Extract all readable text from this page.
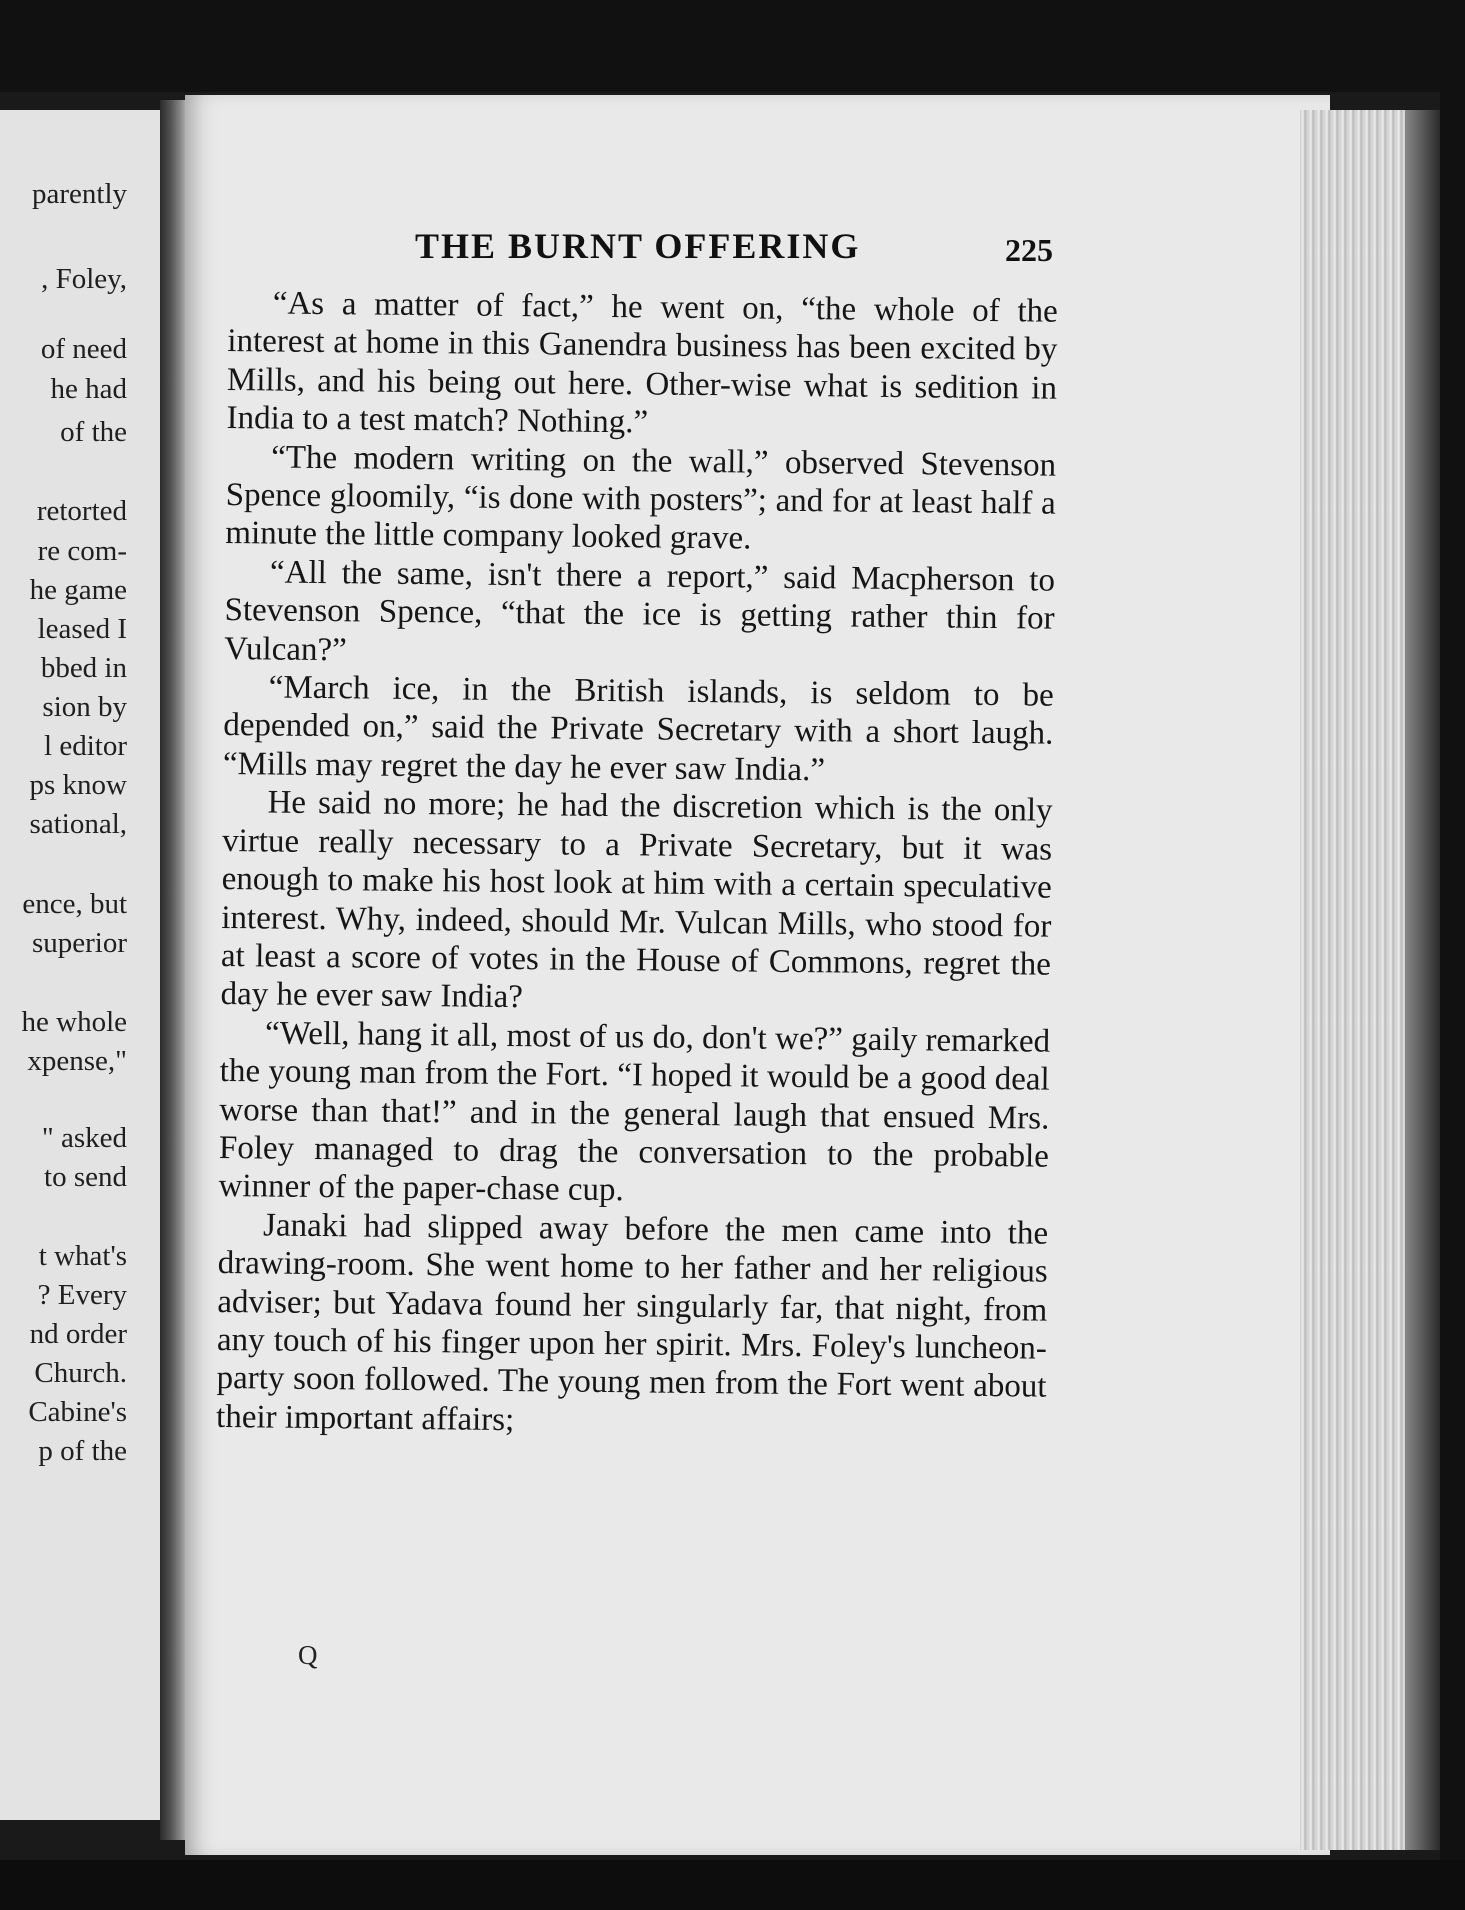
parently
, Foley,
of need
he had
of the
retorted
re com-
he game
leased I
bbed in
sion by
l editor
ps know
sational,
ence, but
superior
he whole
xpense,"
" asked
to send
t what's
? Every
nd order
Church.
Cabine's
p of the
THE BURNT OFFERING	225

“As a matter of fact,” he went on, “the whole of the interest at home in this Ganendra business has been excited by Mills, and his being out here. Other-wise what is sedition in India to a test match? Nothing.”

“The modern writing on the wall,” observed Stevenson Spence gloomily, “is done with posters”; and for at least half a minute the little company looked grave.

“All the same, isn't there a report,” said Macpherson to Stevenson Spence, “that the ice is getting rather thin for Vulcan?”

“March ice, in the British islands, is seldom to be depended on,” said the Private Secretary with a short laugh. “Mills may regret the day he ever saw India.”

He said no more; he had the discretion which is the only virtue really necessary to a Private Secretary, but it was enough to make his host look at him with a certain speculative interest. Why, indeed, should Mr. Vulcan Mills, who stood for at least a score of votes in the House of Commons, regret the day he ever saw India?

“Well, hang it all, most of us do, don't we?” gaily remarked the young man from the Fort. “I hoped it would be a good deal worse than that!” and in the general laugh that ensued Mrs. Foley managed to drag the conversation to the probable winner of the paper-chase cup.

Janaki had slipped away before the men came into the drawing-room. She went home to her father and her religious adviser; but Yadava found her singularly far, that night, from any touch of his finger upon her spirit. Mrs. Foley's luncheon-party soon followed. The young men from the Fort went about their important affairs;

Q
